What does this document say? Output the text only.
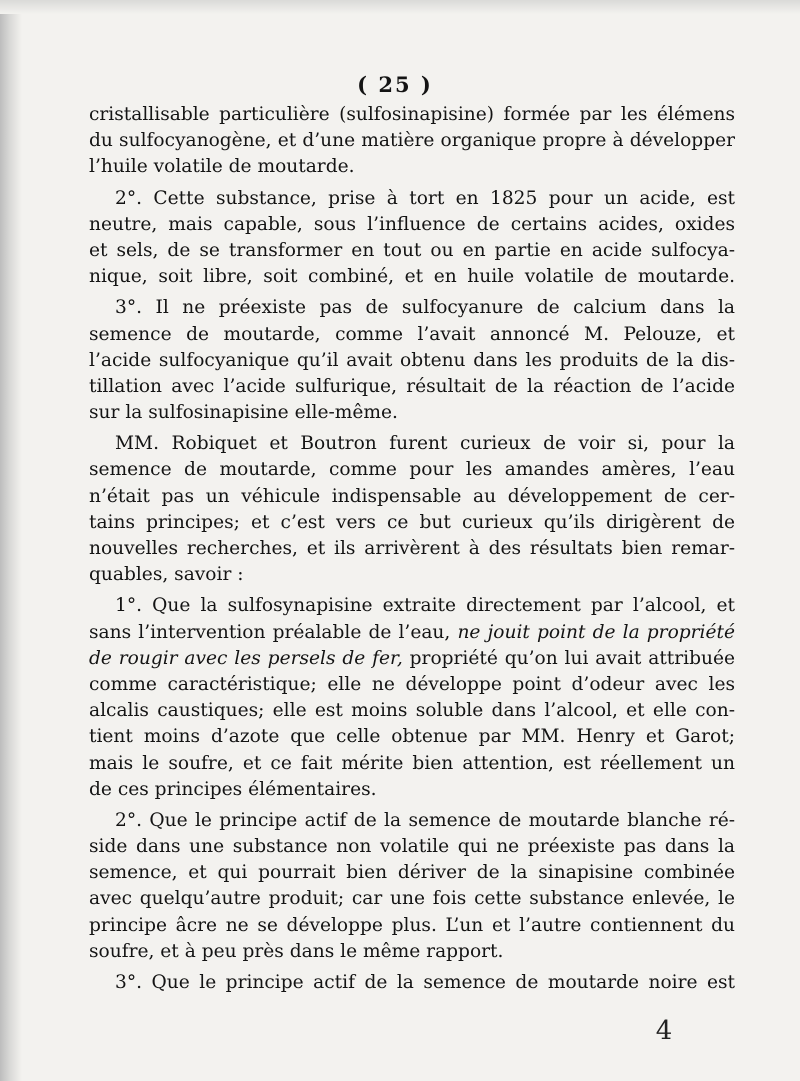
( 25 )
cristallisable particulière (sulfosinapisine) formée par les élémens
du sulfocyanogène, et d’une matière organique propre à développer
l’huile volatile de moutarde.
2°. Cette substance, prise à tort en 1825 pour un acide, est
neutre, mais capable, sous l’influence de certains acides, oxides
et sels, de se transformer en tout ou en partie en acide sulfocya-
nique, soit libre, soit combiné, et en huile volatile de moutarde.
3°. Il ne préexiste pas de sulfocyanure de calcium dans la
semence de moutarde, comme l’avait annoncé M. Pelouze, et
l’acide sulfocyanique qu’il avait obtenu dans les produits de la dis-
tillation avec l’acide sulfurique, résultait de la réaction de l’acide
sur la sulfosinapisine elle-même.
MM. Robiquet et Boutron furent curieux de voir si, pour la
semence de moutarde, comme pour les amandes amères, l’eau
n’était pas un véhicule indispensable au développement de cer-
tains principes; et c’est vers ce but curieux qu’ils dirigèrent de
nouvelles recherches, et ils arrivèrent à des résultats bien remar-
quables, savoir :
1°. Que la sulfosynapisine extraite directement par l’alcool, et
sans l’intervention préalable de l’eau, ne jouit point de la propriété
de rougir avec les persels de fer, propriété qu’on lui avait attribuée
comme caractéristique; elle ne développe point d’odeur avec les
alcalis caustiques; elle est moins soluble dans l’alcool, et elle con-
tient moins d’azote que celle obtenue par MM. Henry et Garot;
mais le soufre, et ce fait mérite bien attention, est réellement un
de ces principes élémentaires.
2°. Que le principe actif de la semence de moutarde blanche ré-
side dans une substance non volatile qui ne préexiste pas dans la
semence, et qui pourrait bien dériver de la sinapisine combinée
avec quelqu’autre produit; car une fois cette substance enlevée, le
principe âcre ne se développe plus. L’un et l’autre contiennent du
soufre, et à peu près dans le même rapport.
3°. Que le principe actif de la semence de moutarde noire est
4
